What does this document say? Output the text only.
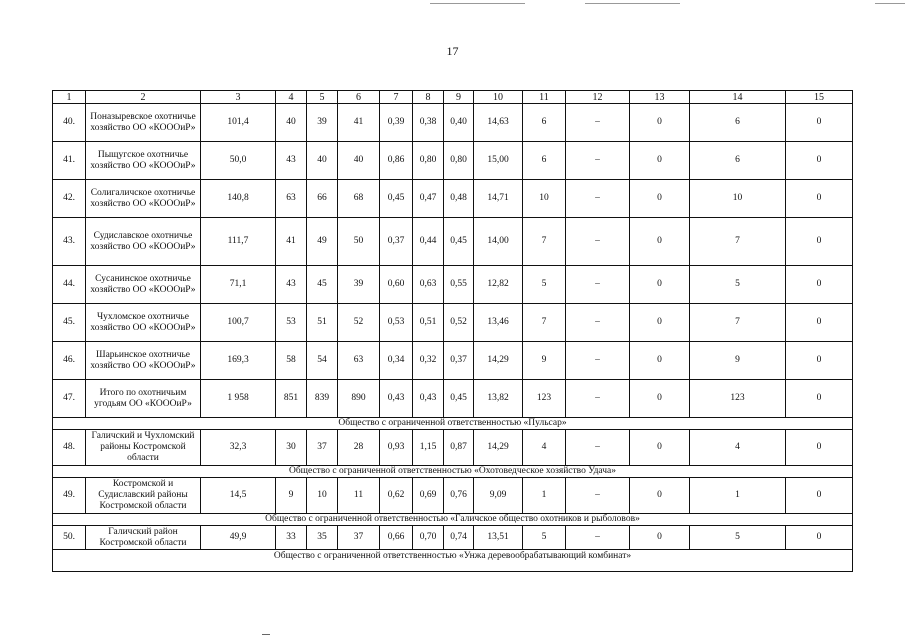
17
1	2	3	4	5	6	7	8	9	10	11	12	13	14	15
40.	Поназыревское охотничье хозяйство ОО «КОООиР»	101,4	40	39	41	0,39	0,38	0,40	14,63	6	–	0	6	0
41.	Пыщугское охотничье хозяйство ОО «КОООиР»	50,0	43	40	40	0,86	0,80	0,80	15,00	6	–	0	6	0
42.	Солигаличское охотничье хозяйство ОО «КОООиР»	140,8	63	66	68	0,45	0,47	0,48	14,71	10	–	0	10	0
43.	Судиславское охотничье хозяйство ОО «КОООиР»	111,7	41	49	50	0,37	0,44	0,45	14,00	7	–	0	7	0
44.	Сусанинское охотничье хозяйство ОО «КОООиР»	71,1	43	45	39	0,60	0,63	0,55	12,82	5	–	0	5	0
45.	Чухломское охотничье хозяйство ОО «КОООиР»	100,7	53	51	52	0,53	0,51	0,52	13,46	7	–	0	7	0
46.	Шарьинское охотничье хозяйство ОО «КОООиР»	169,3	58	54	63	0,34	0,32	0,37	14,29	9	–	0	9	0
47.	Итого по охотничьим угодьям ОО «КОООиР»	1 958	851	839	890	0,43	0,43	0,45	13,82	123	–	0	123	0
Общество с ограниченной ответственностью «Пульсар»														
48.	Галичский и Чухломский районы Костромской области	32,3	30	37	28	0,93	1,15	0,87	14,29	4	–	0	4	0
Общество с ограниченной ответственностью «Охотоведческое хозяйство Удача»														
49.	Костромской и Судиславский районы Костромской области	14,5	9	10	11	0,62	0,69	0,76	9,09	1	–	0	1	0
Общество с ограниченной ответственностью «Галичское общество охотников и рыболовов»														
50.	Галичский район Костромской области	49,9	33	35	37	0,66	0,70	0,74	13,51	5	–	0	5	0
Общество с ограниченной ответственностью «Унжа деревообрабатывающий комбинат»														
